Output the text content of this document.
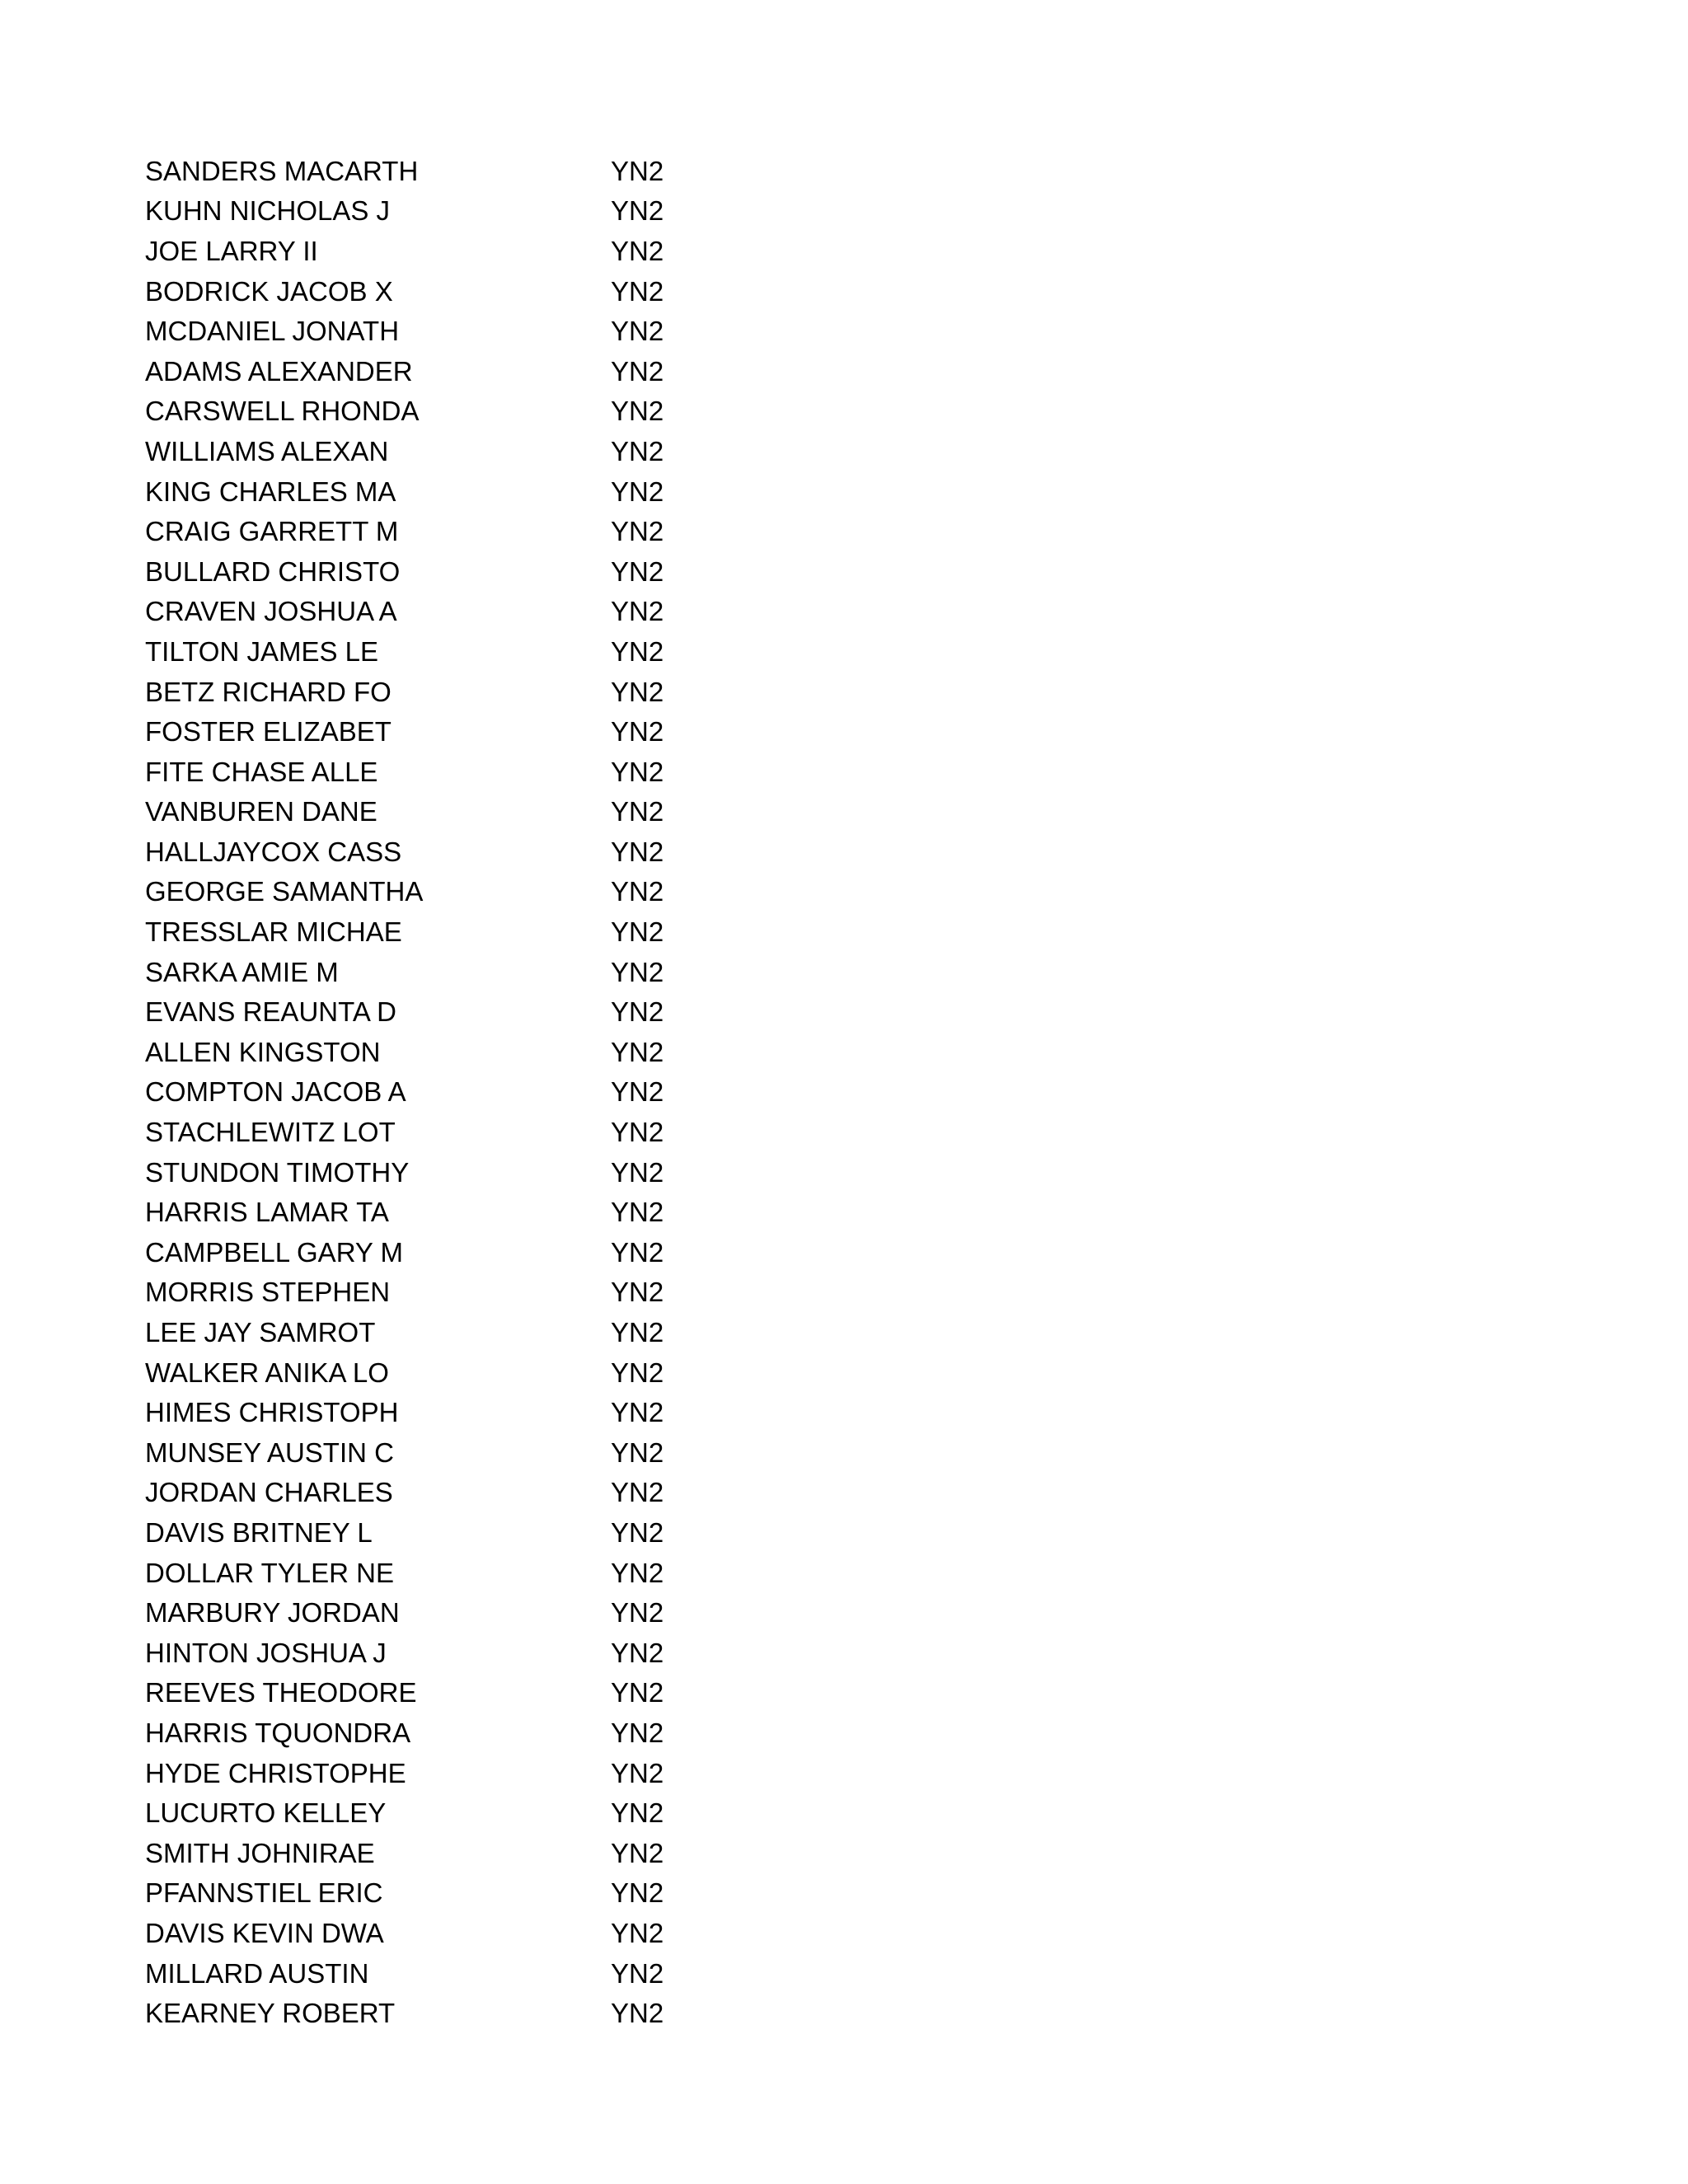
SANDERS MACARTH	YN2
KUHN NICHOLAS J	YN2
JOE LARRY II	YN2
BODRICK JACOB X	YN2
MCDANIEL JONATH	YN2
ADAMS ALEXANDER	YN2
CARSWELL RHONDA	YN2
WILLIAMS ALEXAN	YN2
KING CHARLES MA	YN2
CRAIG GARRETT M	YN2
BULLARD CHRISTO	YN2
CRAVEN JOSHUA A	YN2
TILTON JAMES LE	YN2
BETZ RICHARD FO	YN2
FOSTER ELIZABET	YN2
FITE CHASE ALLE	YN2
VANBUREN DANE	YN2
HALLJAYCOX CASS	YN2
GEORGE SAMANTHA	YN2
TRESSLAR MICHAE	YN2
SARKA AMIE M	YN2
EVANS REAUNTA D	YN2
ALLEN KINGSTON	YN2
COMPTON JACOB A	YN2
STACHLEWITZ LOT	YN2
STUNDON TIMOTHY	YN2
HARRIS LAMAR TA	YN2
CAMPBELL GARY M	YN2
MORRIS STEPHEN	YN2
LEE JAY SAMROT	YN2
WALKER ANIKA LO	YN2
HIMES CHRISTOPH	YN2
MUNSEY AUSTIN C	YN2
JORDAN CHARLES	YN2
DAVIS BRITNEY L	YN2
DOLLAR TYLER NE	YN2
MARBURY JORDAN	YN2
HINTON JOSHUA J	YN2
REEVES THEODORE	YN2
HARRIS TQUONDRA	YN2
HYDE CHRISTOPHE	YN2
LUCURTO KELLEY	YN2
SMITH JOHNIRAE	YN2
PFANNSTIEL ERIC	YN2
DAVIS KEVIN DWA	YN2
MILLARD AUSTIN	YN2
KEARNEY ROBERT	YN2
